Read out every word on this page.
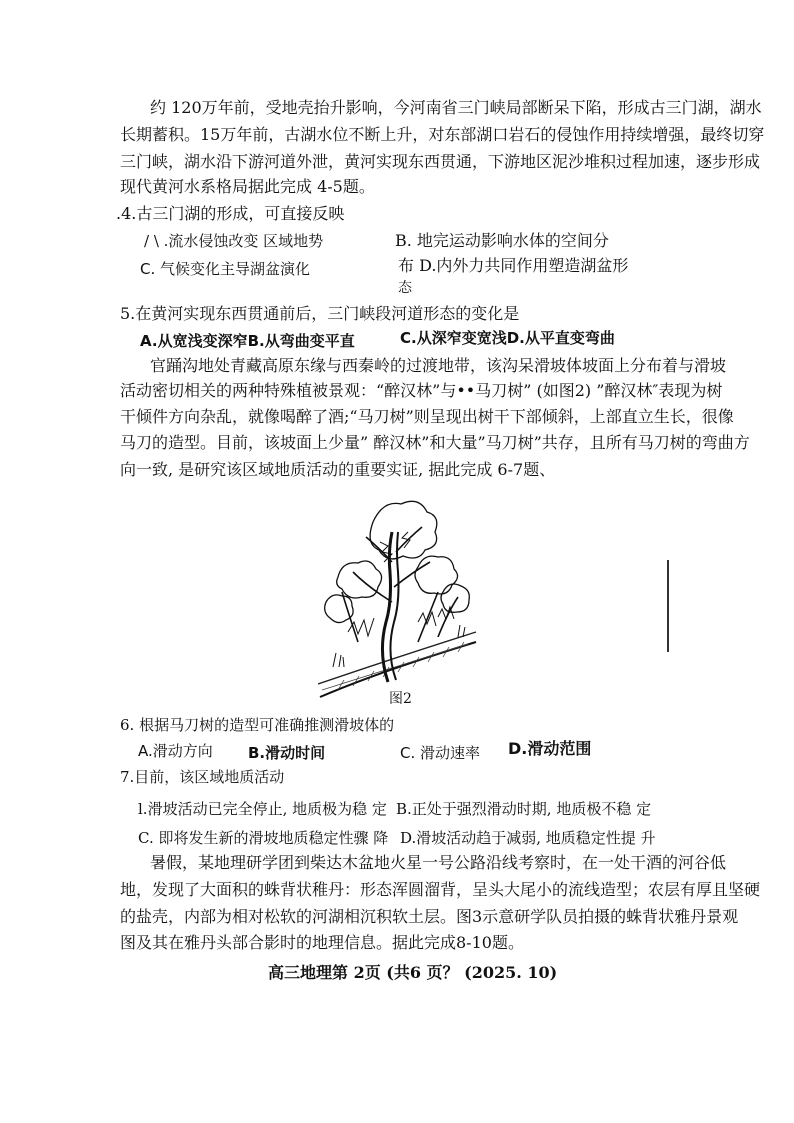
约 120万年前，受地壳抬升影响，今河南省三门峡局部断呆下陷，形成古三门湖，湖水
长期蓄积。15万年前，古湖水位不断上升，对东部湖口岩石的侵蚀作用持续增强，最终切穿
三门峡，湖水沿下游河道外泄，黄河实现东西贯通，下游地区泥沙堆积过程加速，逐步形成
现代黄河水系格局据此完成 4-5题。
.4.古三门湖的形成，可直接反映
/ \ .流水侵蚀改变 区域地势	B. 地完运动影响水体的空间分
C. 气候变化主导湖盆演化	布 D.内外力共同作用塑造湖盆形
态
5.在黄河实现东西贯通前后，三门峡段河道形态的变化是
A.从宽浅变深窄B.从弯曲变平直	C.从深窄变宽浅D.从平直变弯曲
官踊沟地处青藏高原东缘与西秦岭的过渡地带，该沟呆滑坡体坡面上分布着与滑坡
活动密切相关的两种特殊植被景观：“醉汉林”与••马刀树” (如图2) ”醉汉林″表现为树
干倾件方向杂乱，就像喝醉了酒;“马刀树”则呈现出树干下部倾斜，上部直立生长，很像
马刀的造型。目前，该坡面上少量” 醉汉林”和大量”马刀树”共存，且所有马刀树的弯曲方
向一致, 是研究该区域地质活动的重要实证, 据此完成 6-7题、
图2
6. 根据马刀树的造型可准确推测滑坡体的
A.滑动方向 B.滑动时间	C. 滑动速率 D.滑动范围
7.目前，该区域地质活动
l.滑坡活动已完全停止, 地质极为稳 定 B.正处于强烈滑动时期, 地质极不稳 定
C. 即将发生新的滑坡地质稳定性骤 降 D.滑坡活动趋于减弱, 地质稳定性提 升
暑假，某地理研学团到柴达木盆地火星一号公路沿线考察时，在一处干酒的河谷低
地，发现了大面积的蛛背状稚丹：形态浑圆溜背，呈头大尾小的流线造型；农层有厚且坚硬
的盐壳，内部为相对松软的河湖相沉积软土层。图3示意研学队员拍摄的蛛背状雅丹景观
图及其在雅丹头部合影时的地理信息。据此完成8-10题。
高三地理第 2页 (共6 页？ (2025. 10)
